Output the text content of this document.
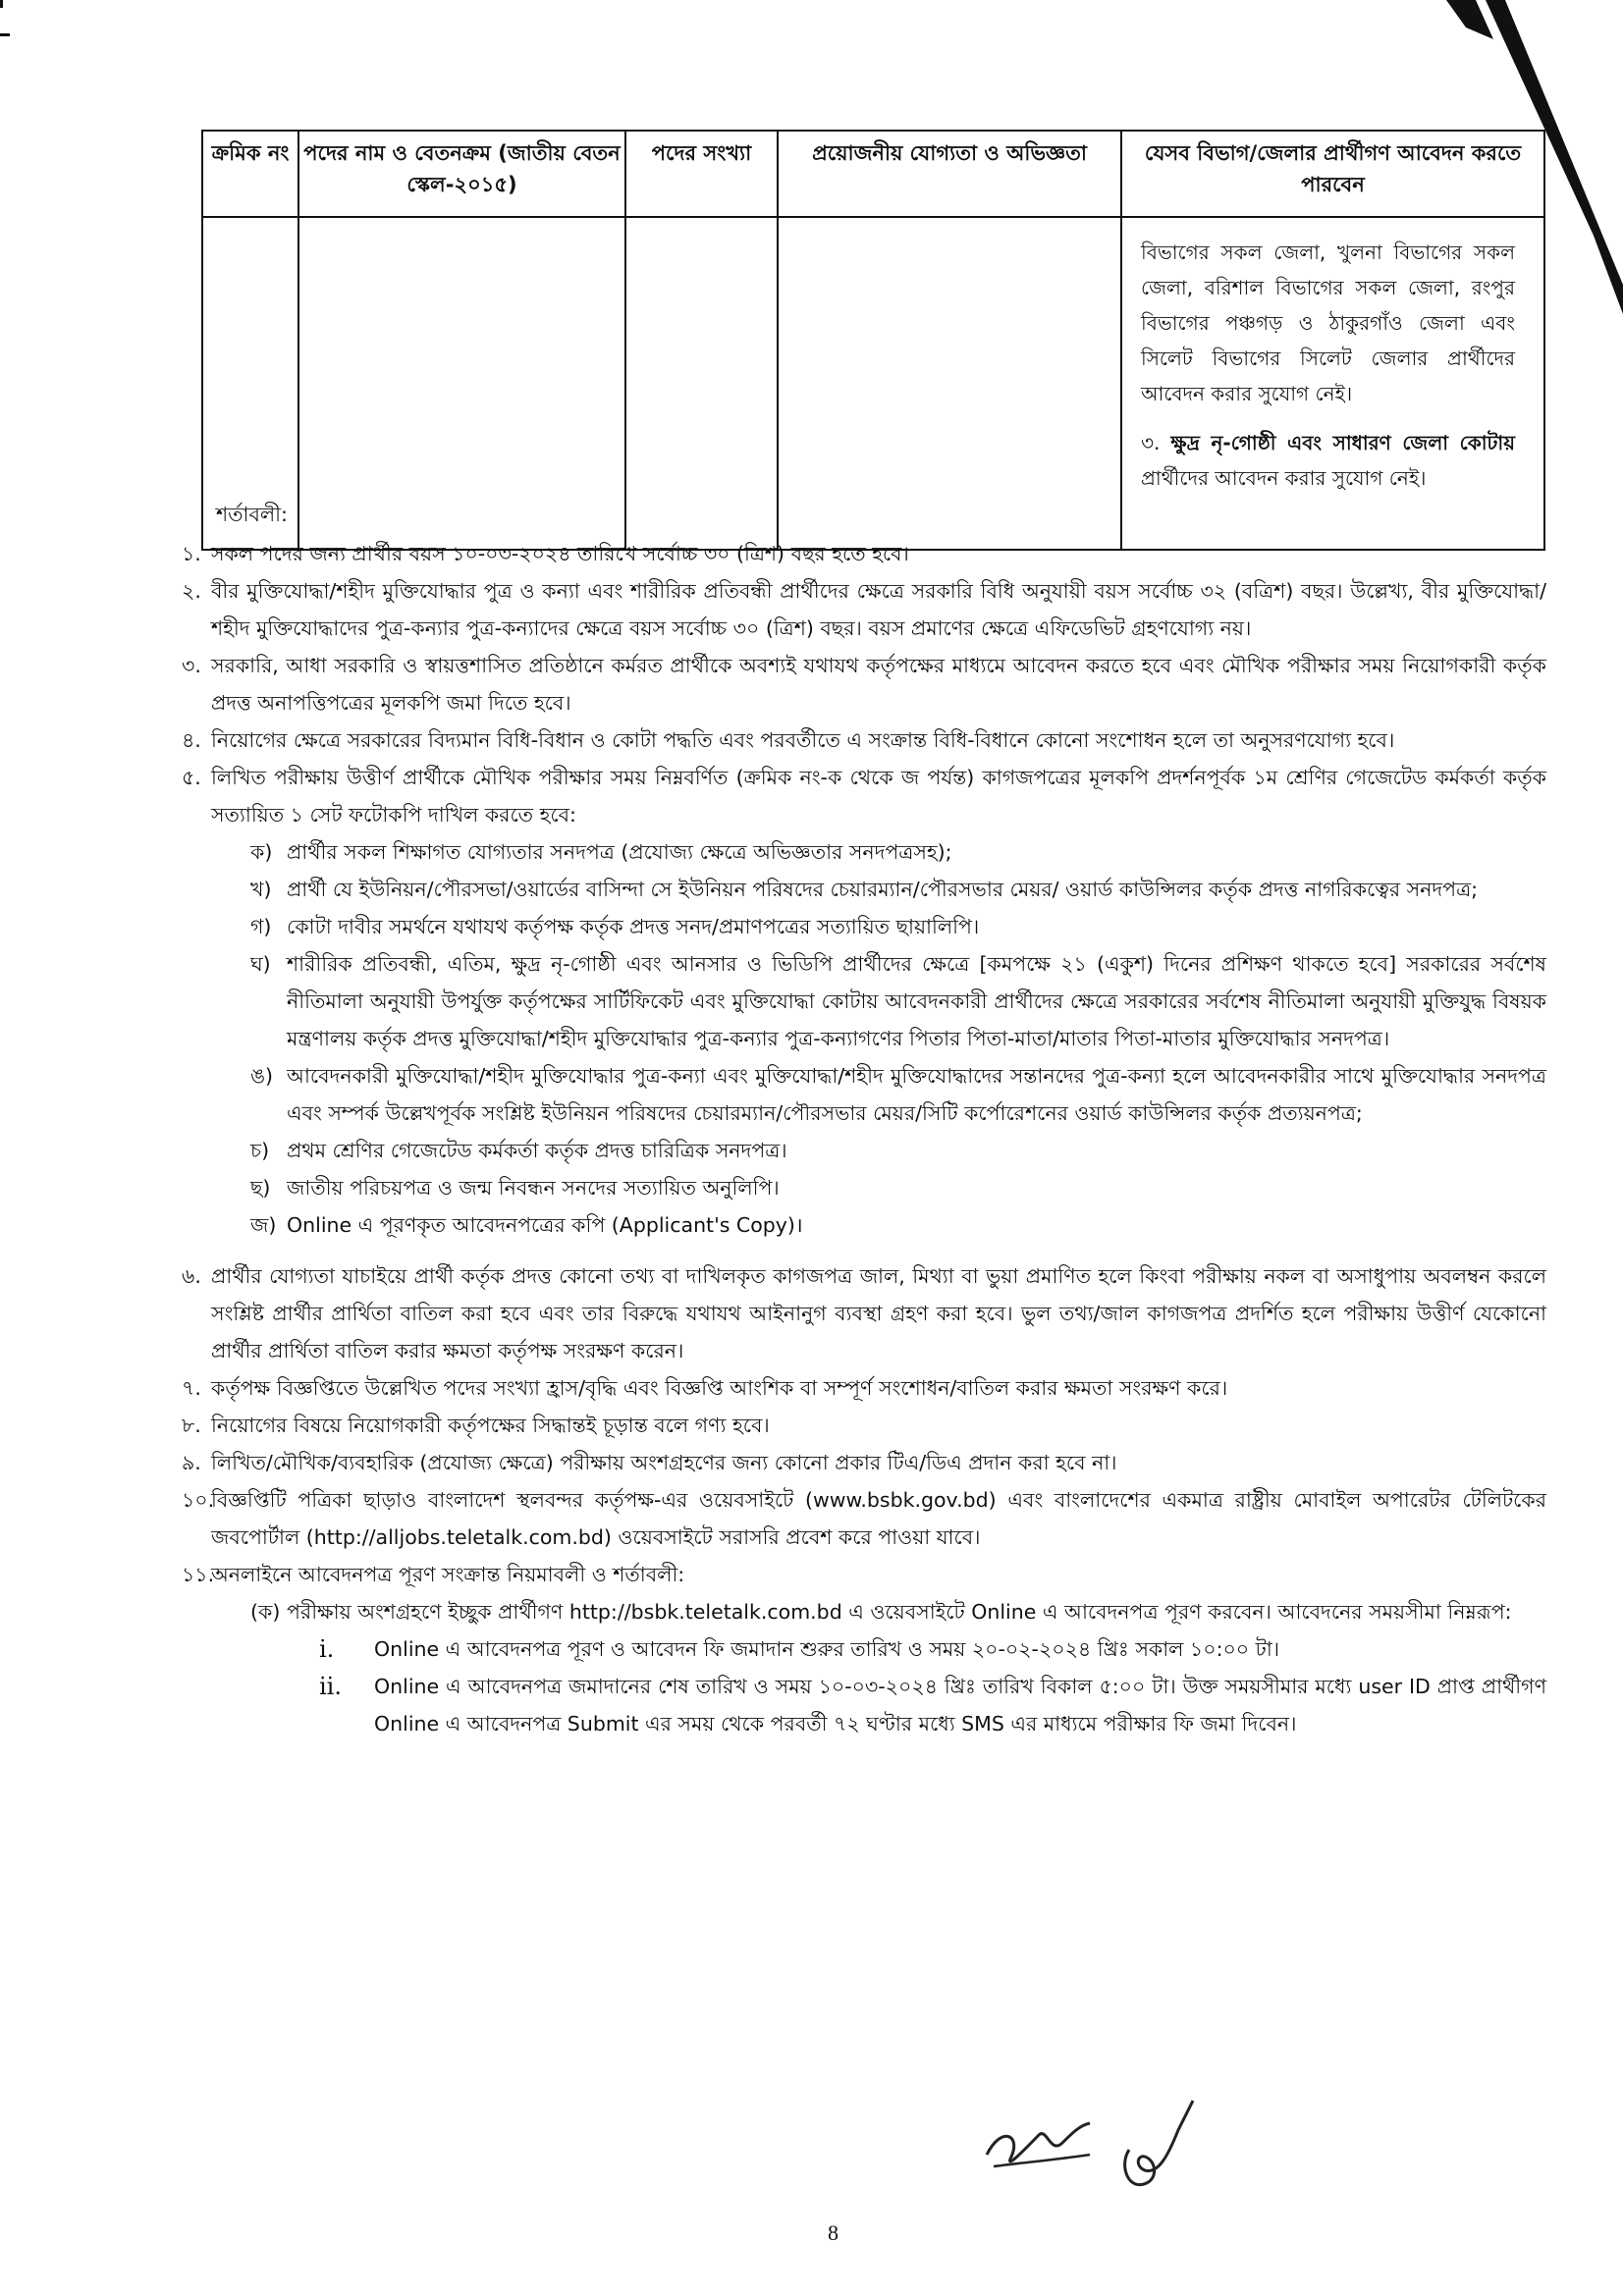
ক্রমিক নং	পদের নাম ও বেতনক্রম (জাতীয় বেতন স্কেল-২০১৫)	পদের সংখ্যা	প্রয়োজনীয় যোগ্যতা ও অভিজ্ঞতা	যেসব বিভাগ/জেলার প্রার্থীগণ আবেদন করতে পারবেন

				বিভাগের সকল জেলা, খুলনা বিভাগের সকল জেলা, বরিশাল বিভাগের সকল জেলা, রংপুর বিভাগের পঞ্চগড় ও ঠাকুরগাঁও জেলা এবং সিলেট বিভাগের সিলেট জেলার প্রার্থীদের আবেদন করার সুযোগ নেই।
৩. ক্ষুদ্র নৃ-গোষ্ঠী এবং সাধারণ জেলা কোটায় প্রার্থীদের আবেদন করার সুযোগ নেই।
শর্তাবলী:
১. সকল পদের জন্য প্রার্থীর বয়স ১০-০৩-২০২৪ তারিখে সর্বোচ্চ ৩০ (ত্রিশ) বছর হতে হবে।
২. বীর মুক্তিযোদ্ধা/শহীদ মুক্তিযোদ্ধার পুত্র ও কন্যা এবং শারীরিক প্রতিবন্ধী প্রার্থীদের ক্ষেত্রে সরকারি বিধি অনুযায়ী বয়স সর্বোচ্চ ৩২ (বত্রিশ) বছর। উল্লেখ্য, বীর মুক্তিযোদ্ধা/শহীদ মুক্তিযোদ্ধাদের পুত্র-কন্যার পুত্র-কন্যাদের ক্ষেত্রে বয়স সর্বোচ্চ ৩০ (ত্রিশ) বছর। বয়স প্রমাণের ক্ষেত্রে এফিডেভিট গ্রহণযোগ্য নয়।
৩. সরকারি, আধা সরকারি ও স্বায়ত্তশাসিত প্রতিষ্ঠানে কর্মরত প্রার্থীকে অবশ্যই যথাযথ কর্তৃপক্ষের মাধ্যমে আবেদন করতে হবে এবং মৌখিক পরীক্ষার সময় নিয়োগকারী কর্তৃক প্রদত্ত অনাপত্তিপত্রের মূলকপি জমা দিতে হবে।
৪. নিয়োগের ক্ষেত্রে সরকারের বিদ্যমান বিধি-বিধান ও কোটা পদ্ধতি এবং পরবর্তীতে এ সংক্রান্ত বিধি-বিধানে কোনো সংশোধন হলে তা অনুসরণযোগ্য হবে।
৫. লিখিত পরীক্ষায় উত্তীর্ণ প্রার্থীকে মৌখিক পরীক্ষার সময় নিম্নবর্ণিত (ক্রমিক নং-ক থেকে জ পর্যন্ত) কাগজপত্রের মূলকপি প্রদর্শনপূর্বক ১ম শ্রেণির গেজেটেড কর্মকর্তা কর্তৃক সত্যায়িত ১ সেট ফটোকপি দাখিল করতে হবে:
ক) প্রার্থীর সকল শিক্ষাগত যোগ্যতার সনদপত্র (প্রযোজ্য ক্ষেত্রে অভিজ্ঞতার সনদপত্রসহ);
খ) প্রার্থী যে ইউনিয়ন/পৌরসভা/ওয়ার্ডের বাসিন্দা সে ইউনিয়ন পরিষদের চেয়ারম্যান/পৌরসভার মেয়র/ ওয়ার্ড কাউন্সিলর কর্তৃক প্রদত্ত নাগরিকত্বের সনদপত্র;
গ) কোটা দাবীর সমর্থনে যথাযথ কর্তৃপক্ষ কর্তৃক প্রদত্ত সনদ/প্রমাণপত্রের সত্যায়িত ছায়ালিপি।
ঘ) শারীরিক প্রতিবন্ধী, এতিম, ক্ষুদ্র নৃ-গোষ্ঠী এবং আনসার ও ভিডিপি প্রার্থীদের ক্ষেত্রে [কমপক্ষে ২১ (একুশ) দিনের প্রশিক্ষণ থাকতে হবে] সরকারের সর্বশেষ নীতিমালা অনুযায়ী উপর্যুক্ত কর্তৃপক্ষের সার্টিফিকেট এবং মুক্তিযোদ্ধা কোটায় আবেদনকারী প্রার্থীদের ক্ষেত্রে সরকারের সর্বশেষ নীতিমালা অনুযায়ী মুক্তিযুদ্ধ বিষয়ক মন্ত্রণালয় কর্তৃক প্রদত্ত মুক্তিযোদ্ধা/শহীদ মুক্তিযোদ্ধার পুত্র-কন্যার পুত্র-কন্যাগণের পিতার পিতা-মাতা/মাতার পিতা-মাতার মুক্তিযোদ্ধার সনদপত্র।
ঙ) আবেদনকারী মুক্তিযোদ্ধা/শহীদ মুক্তিযোদ্ধার পুত্র-কন্যা এবং মুক্তিযোদ্ধা/শহীদ মুক্তিযোদ্ধাদের সন্তানদের পুত্র-কন্যা হলে আবেদনকারীর সাথে মুক্তিযোদ্ধার সনদপত্র এবং সম্পর্ক উল্লেখপূর্বক সংশ্লিষ্ট ইউনিয়ন পরিষদের চেয়ারম্যান/পৌরসভার মেয়র/সিটি কর্পোরেশনের ওয়ার্ড কাউন্সিলর কর্তৃক প্রত্যয়নপত্র;
চ) প্রথম শ্রেণির গেজেটেড কর্মকর্তা কর্তৃক প্রদত্ত চারিত্রিক সনদপত্র।
ছ) জাতীয় পরিচয়পত্র ও জন্ম নিবন্ধন সনদের সত্যায়িত অনুলিপি।
জ) Online এ পূরণকৃত আবেদনপত্রের কপি (Applicant's Copy)।
৬. প্রার্থীর যোগ্যতা যাচাইয়ে প্রার্থী কর্তৃক প্রদত্ত কোনো তথ্য বা দাখিলকৃত কাগজপত্র জাল, মিথ্যা বা ভুয়া প্রমাণিত হলে কিংবা পরীক্ষায় নকল বা অসাধুপায় অবলম্বন করলে সংশ্লিষ্ট প্রার্থীর প্রার্থিতা বাতিল করা হবে এবং তার বিরুদ্ধে যথাযথ আইনানুগ ব্যবস্থা গ্রহণ করা হবে। ভুল তথ্য/জাল কাগজপত্র প্রদর্শিত হলে পরীক্ষায় উত্তীর্ণ যেকোনো প্রার্থীর প্রার্থিতা বাতিল করার ক্ষমতা কর্তৃপক্ষ সংরক্ষণ করেন।
৭. কর্তৃপক্ষ বিজ্ঞপ্তিতে উল্লেখিত পদের সংখ্যা হ্রাস/বৃদ্ধি এবং বিজ্ঞপ্তি আংশিক বা সম্পূর্ণ সংশোধন/বাতিল করার ক্ষমতা সংরক্ষণ করে।
৮. নিয়োগের বিষয়ে নিয়োগকারী কর্তৃপক্ষের সিদ্ধান্তই চূড়ান্ত বলে গণ্য হবে।
৯. লিখিত/মৌখিক/ব্যবহারিক (প্রযোজ্য ক্ষেত্রে) পরীক্ষায় অংশগ্রহণের জন্য কোনো প্রকার টিএ/ডিএ প্রদান করা হবে না।
১০.
বিজ্ঞপ্তিটি পত্রিকা ছাড়াও বাংলাদেশ স্থলবন্দর কর্তৃপক্ষ-এর ওয়েবসাইটে (www.bsbk.gov.bd) এবং বাংলাদেশের একমাত্র রাষ্ট্রীয় মোবাইল অপারেটর টেলিটকের জবপোর্টাল (http://alljobs.teletalk.com.bd) ওয়েবসাইটে সরাসরি প্রবেশ করে পাওয়া যাবে।
১১.
অনলাইনে আবেদনপত্র পূরণ সংক্রান্ত নিয়মাবলী ও শর্তাবলী:
(ক) পরীক্ষায় অংশগ্রহণে ইচ্ছুক প্রার্থীগণ http://bsbk.teletalk.com.bd এ ওয়েবসাইটে Online এ আবেদনপত্র পূরণ করবেন। আবেদনের সময়সীমা নিম্নরূপ:
i. Online এ আবেদনপত্র পূরণ ও আবেদন ফি জমাদান শুরুর তারিখ ও সময় ২০-০২-২০২৪ খ্রিঃ সকাল ১০:০০ টা।
ii. Online এ আবেদনপত্র জমাদানের শেষ তারিখ ও সময় ১০-০৩-২০২৪ খ্রিঃ তারিখ বিকাল ৫:০০ টা। উক্ত সময়সীমার মধ্যে user ID প্রাপ্ত প্রার্থীগণ Online এ আবেদনপত্র Submit এর সময় থেকে পরবর্তী ৭২ ঘণ্টার মধ্যে SMS এর মাধ্যমে পরীক্ষার ফি জমা দিবেন।
8
